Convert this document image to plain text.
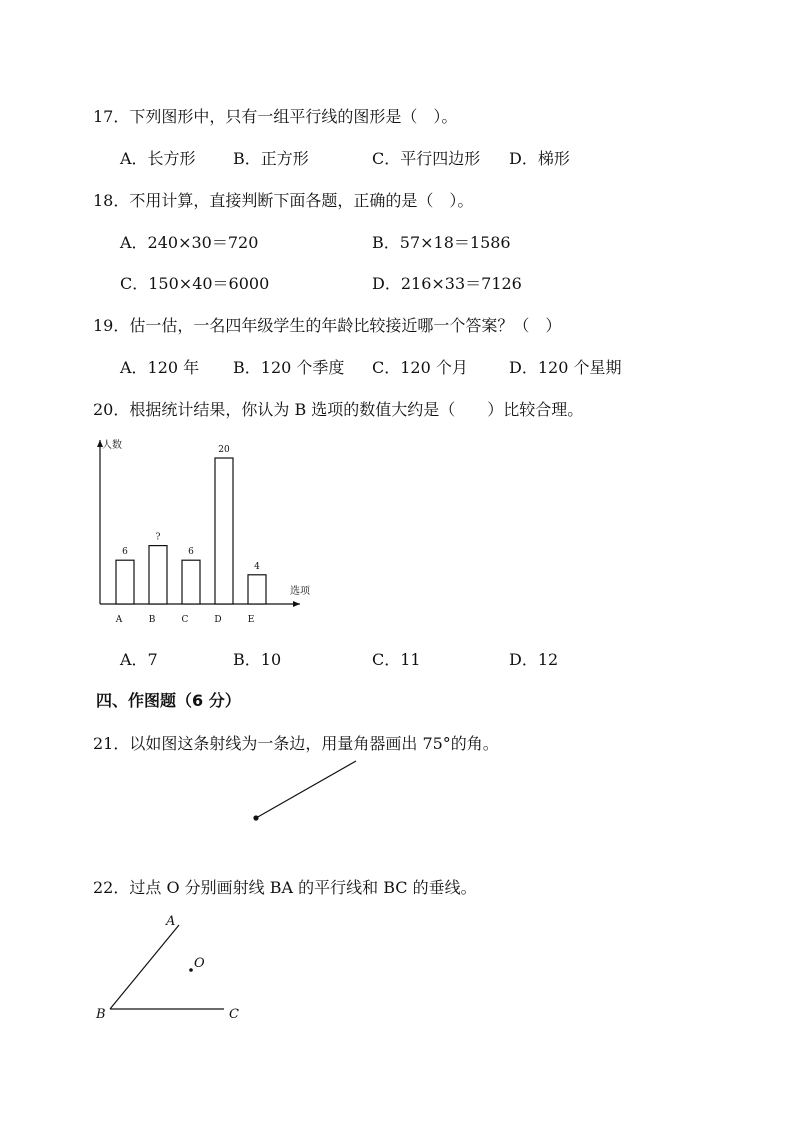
17．下列图形中，只有一组平行线的图形是（　）。
A．长方形 B．正方形	C．平行四边形 D．梯形
18．不用计算，直接判断下面各题，正确的是（　）。
A．240×30＝720	B．57×18＝1586
C．150×40＝6000	D．216×33＝7126
19．估一估，一名四年级学生的年龄比较接近哪一个答案？（　）
A．120 年 B．120 个季度 C．120 个月	D．120 个星期
20．根据统计结果，你认为 B 选项的数值大约是（　　）比较合理。
人数
选项
6
A
?
B
6
C
20
D
4
E
A．7	B．10	C．11	D．12
四、作图题（6 分）
21．以如图这条射线为一条边，用量角器画出 75°的角。
22．过点 O 分别画射线 BA 的平行线和 BC 的垂线。
A
O
B	C
